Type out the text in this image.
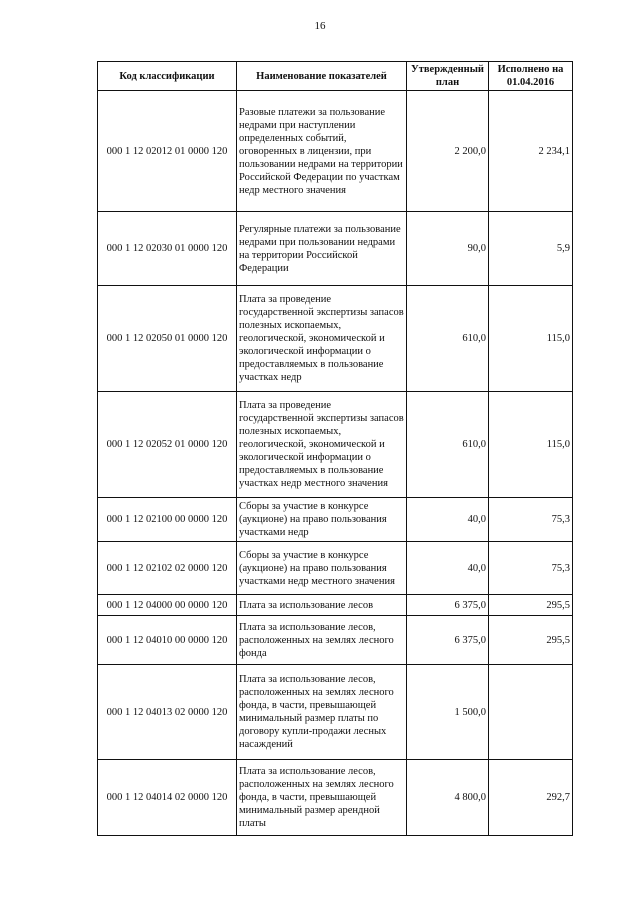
16
Код классификации	Наименование показателей	Утвержденный план	Исполнено на 01.04.2016
000 1 12 02012 01 0000 120	Разовые платежи за пользование недрами при наступлении определенных событий, оговоренных в лицензии, при пользовании недрами на территории Российской Федерации по участкам недр местного значения	2 200,0	2 234,1
000 1 12 02030 01 0000 120	Регулярные платежи за пользование недрами при пользовании недрами на территории Российской Федерации	90,0	5,9
000 1 12 02050 01 0000 120	Плата за проведение государственной экспертизы запасов полезных ископаемых, геологической, экономической и экологической информации о предоставляемых в пользование участках недр	610,0	115,0
000 1 12 02052 01 0000 120	Плата за проведение государственной экспертизы запасов полезных ископаемых, геологической, экономической и экологической информации о предоставляемых в пользование участках недр местного значения	610,0	115,0
000 1 12 02100 00 0000 120	Сборы за участие в конкурсе (аукционе) на право пользования участками недр	40,0	75,3
000 1 12 02102 02 0000 120	Сборы за участие в конкурсе (аукционе) на право пользования участками недр местного значения	40,0	75,3
000 1 12 04000 00 0000 120	Плата за использование лесов	6 375,0	295,5
000 1 12 04010 00 0000 120	Плата за использование лесов, расположенных на землях лесного фонда	6 375,0	295,5
000 1 12 04013 02 0000 120	Плата за использование лесов, расположенных на землях лесного фонда, в части, превышающей минимальный размер платы по договору купли-продажи лесных насаждений	1 500,0	
000 1 12 04014 02 0000 120	Плата за использование лесов, расположенных на землях лесного фонда, в части, превышающей минимальный размер арендной платы	4 800,0	292,7
